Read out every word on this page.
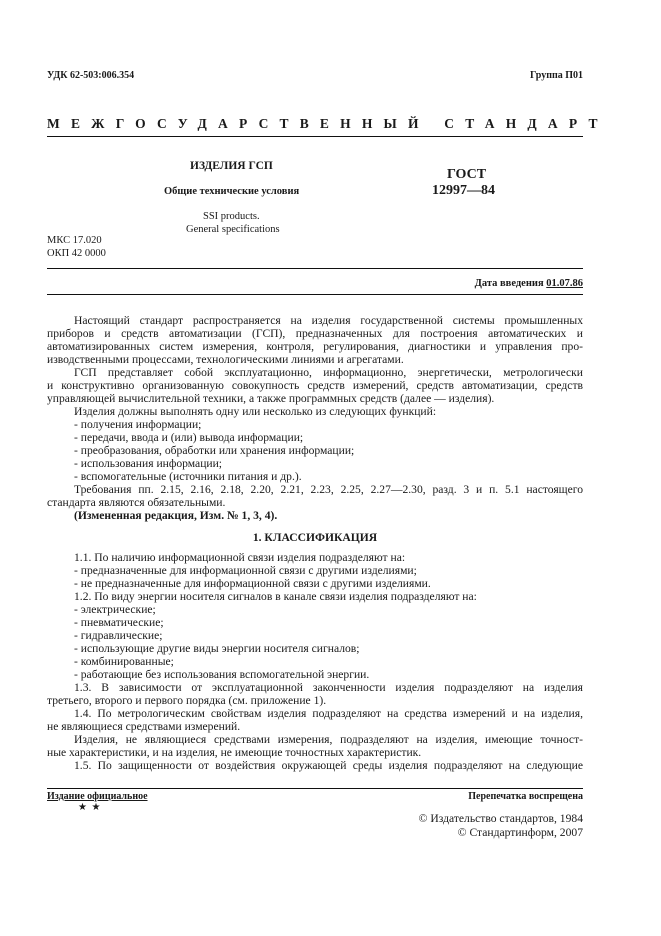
УДК 62-503:006.354	Группа П01
МЕЖГОСУДАРСТВЕННЫЙ СТАНДАРТ
ИЗДЕЛИЯ ГСП
Общие технические условия
SSI products.
General specifications
ГОСТ
12997—84
МКС 17.020
ОКП 42 0000
Дата введения 01.07.86
Настоящий стандарт распространяется на изделия государственной системы промышленных
приборов и средств автоматизации (ГСП), предназначенных для построения автоматических и
автоматизированных систем измерения, контроля, регулирования, диагностики и управления про-
изводственными процессами, технологическими линиями и агрегатами.
ГСП представляет собой эксплуатационно, информационно, энергетически, метрологически
и конструктивно организованную совокупность средств измерений, средств автоматизации, средств
управляющей вычислительной техники, а также программных средств (далее — изделия).
Изделия должны выполнять одну или несколько из следующих функций:
- получения информации;
- передачи, ввода и (или) вывода информации;
- преобразования, обработки или хранения информации;
- использования информации;
- вспомогательные (источники питания и др.).
Требования пп. 2.15, 2.16, 2.18, 2.20, 2.21, 2.23, 2.25, 2.27—2.30, разд. 3 и п. 5.1 настоящего
стандарта являются обязательными.
(Измененная редакция, Изм. № 1, 3, 4).
1. КЛАССИФИКАЦИЯ
1.1. По наличию информационной связи изделия подразделяют на:
- предназначенные для информационной связи с другими изделиями;
- не предназначенные для информационной связи с другими изделиями.
1.2. По виду энергии носителя сигналов в канале связи изделия подразделяют на:
- электрические;
- пневматические;
- гидравлические;
- использующие другие виды энергии носителя сигналов;
- комбинированные;
- работающие без использования вспомогательной энергии.
1.3. В зависимости от эксплуатационной законченности изделия подразделяют на изделия
третьего, второго и первого порядка (см. приложение 1).
1.4. По метрологическим свойствам изделия подразделяют на средства измерений и на изделия,
не являющиеся средствами измерений.
Изделия, не являющиеся средствами измерения, подразделяют на изделия, имеющие точност-
ные характеристики, и на изделия, не имеющие точностных характеристик.
1.5. По защищенности от воздействия окружающей среды изделия подразделяют на следующие
Издание официальное
★ ★
Перепечатка воспрещена
© Издательство стандартов, 1984
© Стандартинформ, 2007
